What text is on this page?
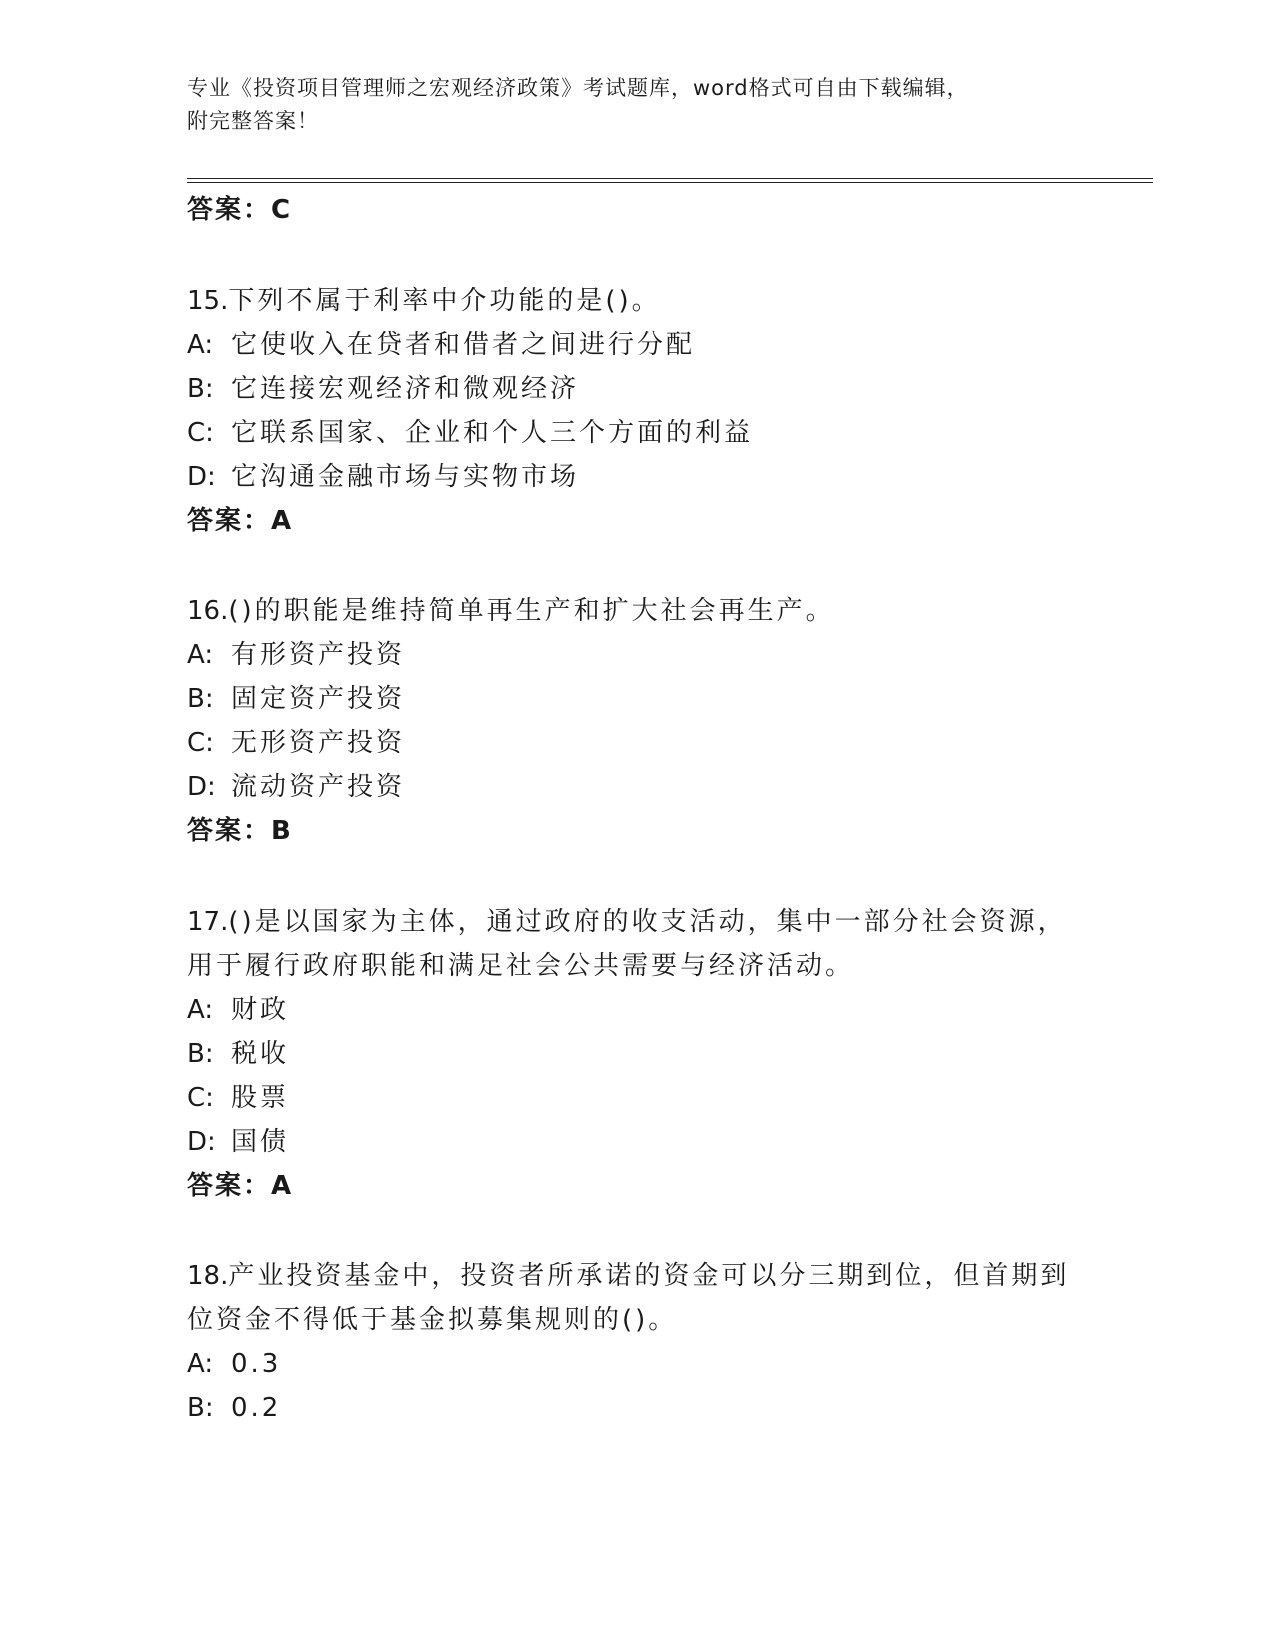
专业《投资项目管理师之宏观经济政策》考试题库，word格式可自由下载编辑，
附完整答案！
答案：C
15.下列不属于利率中介功能的是()。
A: 它使收入在贷者和借者之间进行分配
B: 它连接宏观经济和微观经济
C: 它联系国家、企业和个人三个方面的利益
D: 它沟通金融市场与实物市场
答案：A
16.()的职能是维持简单再生产和扩大社会再生产。
A: 有形资产投资
B: 固定资产投资
C: 无形资产投资
D: 流动资产投资
答案：B
17.()是以国家为主体，通过政府的收支活动，集中一部分社会资源，
用于履行政府职能和满足社会公共需要与经济活动。
A: 财政
B: 税收
C: 股票
D: 国债
答案：A
18.产业投资基金中，投资者所承诺的资金可以分三期到位，但首期到
位资金不得低于基金拟募集规则的()。
A: 0.3
B: 0.2
